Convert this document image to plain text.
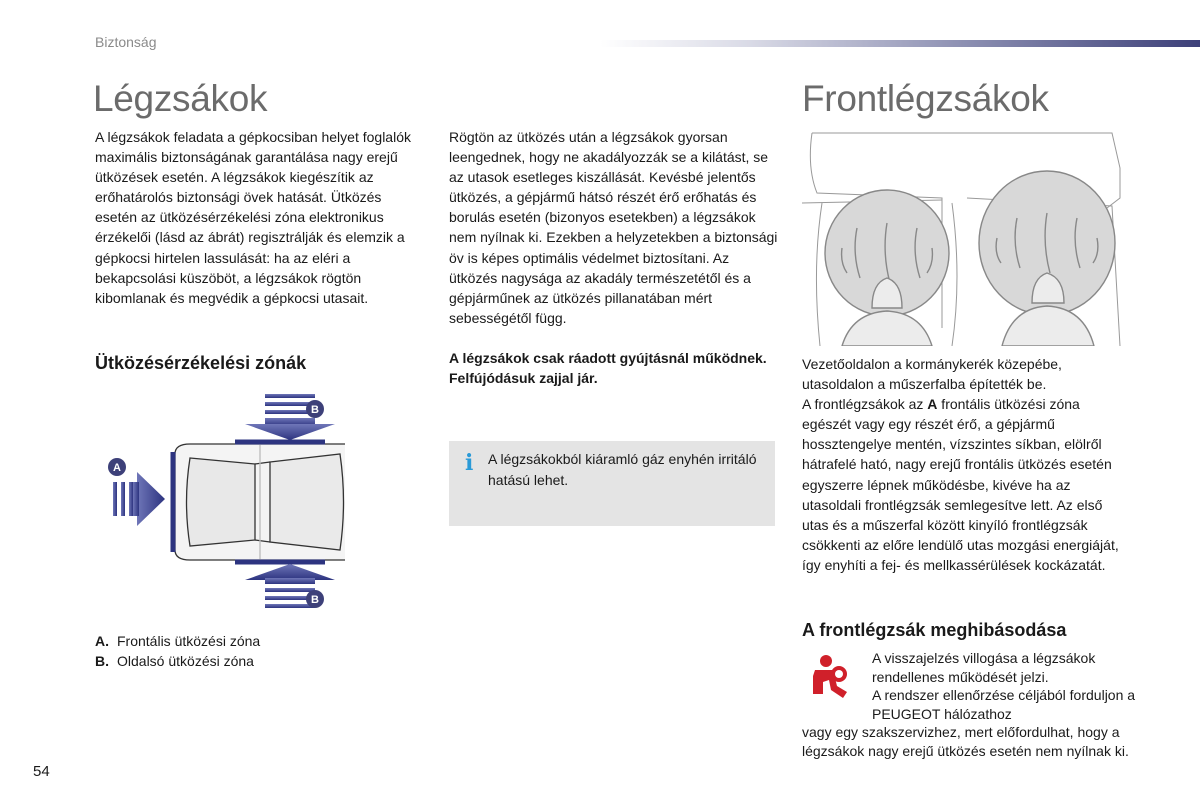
Biztonság
Légzsákok	Frontlégzsákok
A légzsákok feladata a gépkocsiban helyet foglalók maximális biztonságának garantálása nagy erejű ütközések esetén. A légzsákok kiegészítik az erőhatárolós biztonsági övek hatását. Ütközés esetén az ütközésérzékelési zóna elektronikus érzékelői (lásd az ábrát) regisztrálják és elemzik a gépkocsi hirtelen lassulását: ha az eléri a bekapcsolási küszöböt, a légzsákok rögtön kibomlanak és megvédik a gépkocsi utasait.
Rögtön az ütközés után a légzsákok gyorsan leengednek, hogy ne akadályozzák se a kilátást, se az utasok esetleges kiszállását. Kevésbé jelentős ütközés, a gépjármű hátsó részét érő erőhatás és borulás esetén (bizonyos esetekben) a légzsákok nem nyílnak ki. Ezekben a helyzetekben a biztonsági öv is képes optimális védelmet biztosítani. Az ütközés nagysága az akadály természetétől és a gépjárműnek az ütközés pillanatában mért sebességétől függ.
A légzsákok csak ráadott gyújtásnál működnek. Felfújódásuk zajjal jár.
Ütközésérzékelési zónák
A
B
B
A. Frontális ütközési zóna
B. Oldalsó ütközési zóna
i A légzsákokból kiáramló gáz enyhén irritáló hatású lehet.
Vezetőoldalon a kormánykerék közepébe, utasoldalon a műszerfalba építették be.
A frontlégzsákok az A frontális ütközési zóna egészét vagy egy részét érő, a gépjármű hossztengelye mentén, vízszintes síkban, elölről hátrafelé ható, nagy erejű frontális ütközés esetén egyszerre lépnek működésbe, kivéve ha az utasoldali frontlégzsák semlegesítve lett. Az első utas és a műszerfal között kinyíló frontlégzsák csökkenti az előre lendülő utas mozgási energiáját, így enyhíti a fej- és mellkassérülések kockázatát.
A frontlégzsák meghibásodása
A visszajelzés villogása a légzsákok rendellenes működését jelzi.
A rendszer ellenőrzése céljából forduljon a PEUGEOT hálózathoz
vagy egy szakszervizhez, mert előfordulhat, hogy a légzsákok nagy erejű ütközés esetén nem nyílnak ki.
54
